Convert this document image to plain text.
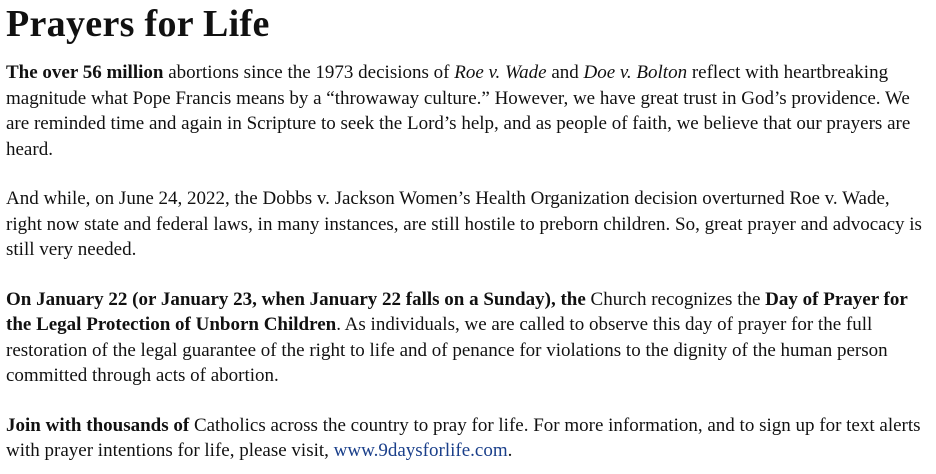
Prayers for Life

The over 56 million abortions since the 1973 decisions of Roe v. Wade and Doe v. Bolton reflect with heartbreaking magnitude what Pope Francis means by a “throwaway culture.” However, we have great trust in God’s providence. We are reminded time and again in Scripture to seek the Lord’s help, and as people of faith, we believe that our prayers are heard.

And while, on June 24, 2022, the Dobbs v. Jackson Women’s Health Organization decision overturned Roe v. Wade, right now state and federal laws, in many instances, are still hostile to preborn children. So, great prayer and advocacy is still very needed.

On January 22 (or January 23, when January 22 falls on a Sunday), the Church recognizes the Day of Prayer for the Legal Protection of Unborn Children. As individuals, we are called to observe this day of prayer for the full restoration of the legal guarantee of the right to life and of penance for violations to the dignity of the human person committed through acts of abortion.

Join with thousands of Catholics across the country to pray for life. For more information, and to sign up for text alerts with prayer intentions for life, please visit, www.9daysforlife.com.
